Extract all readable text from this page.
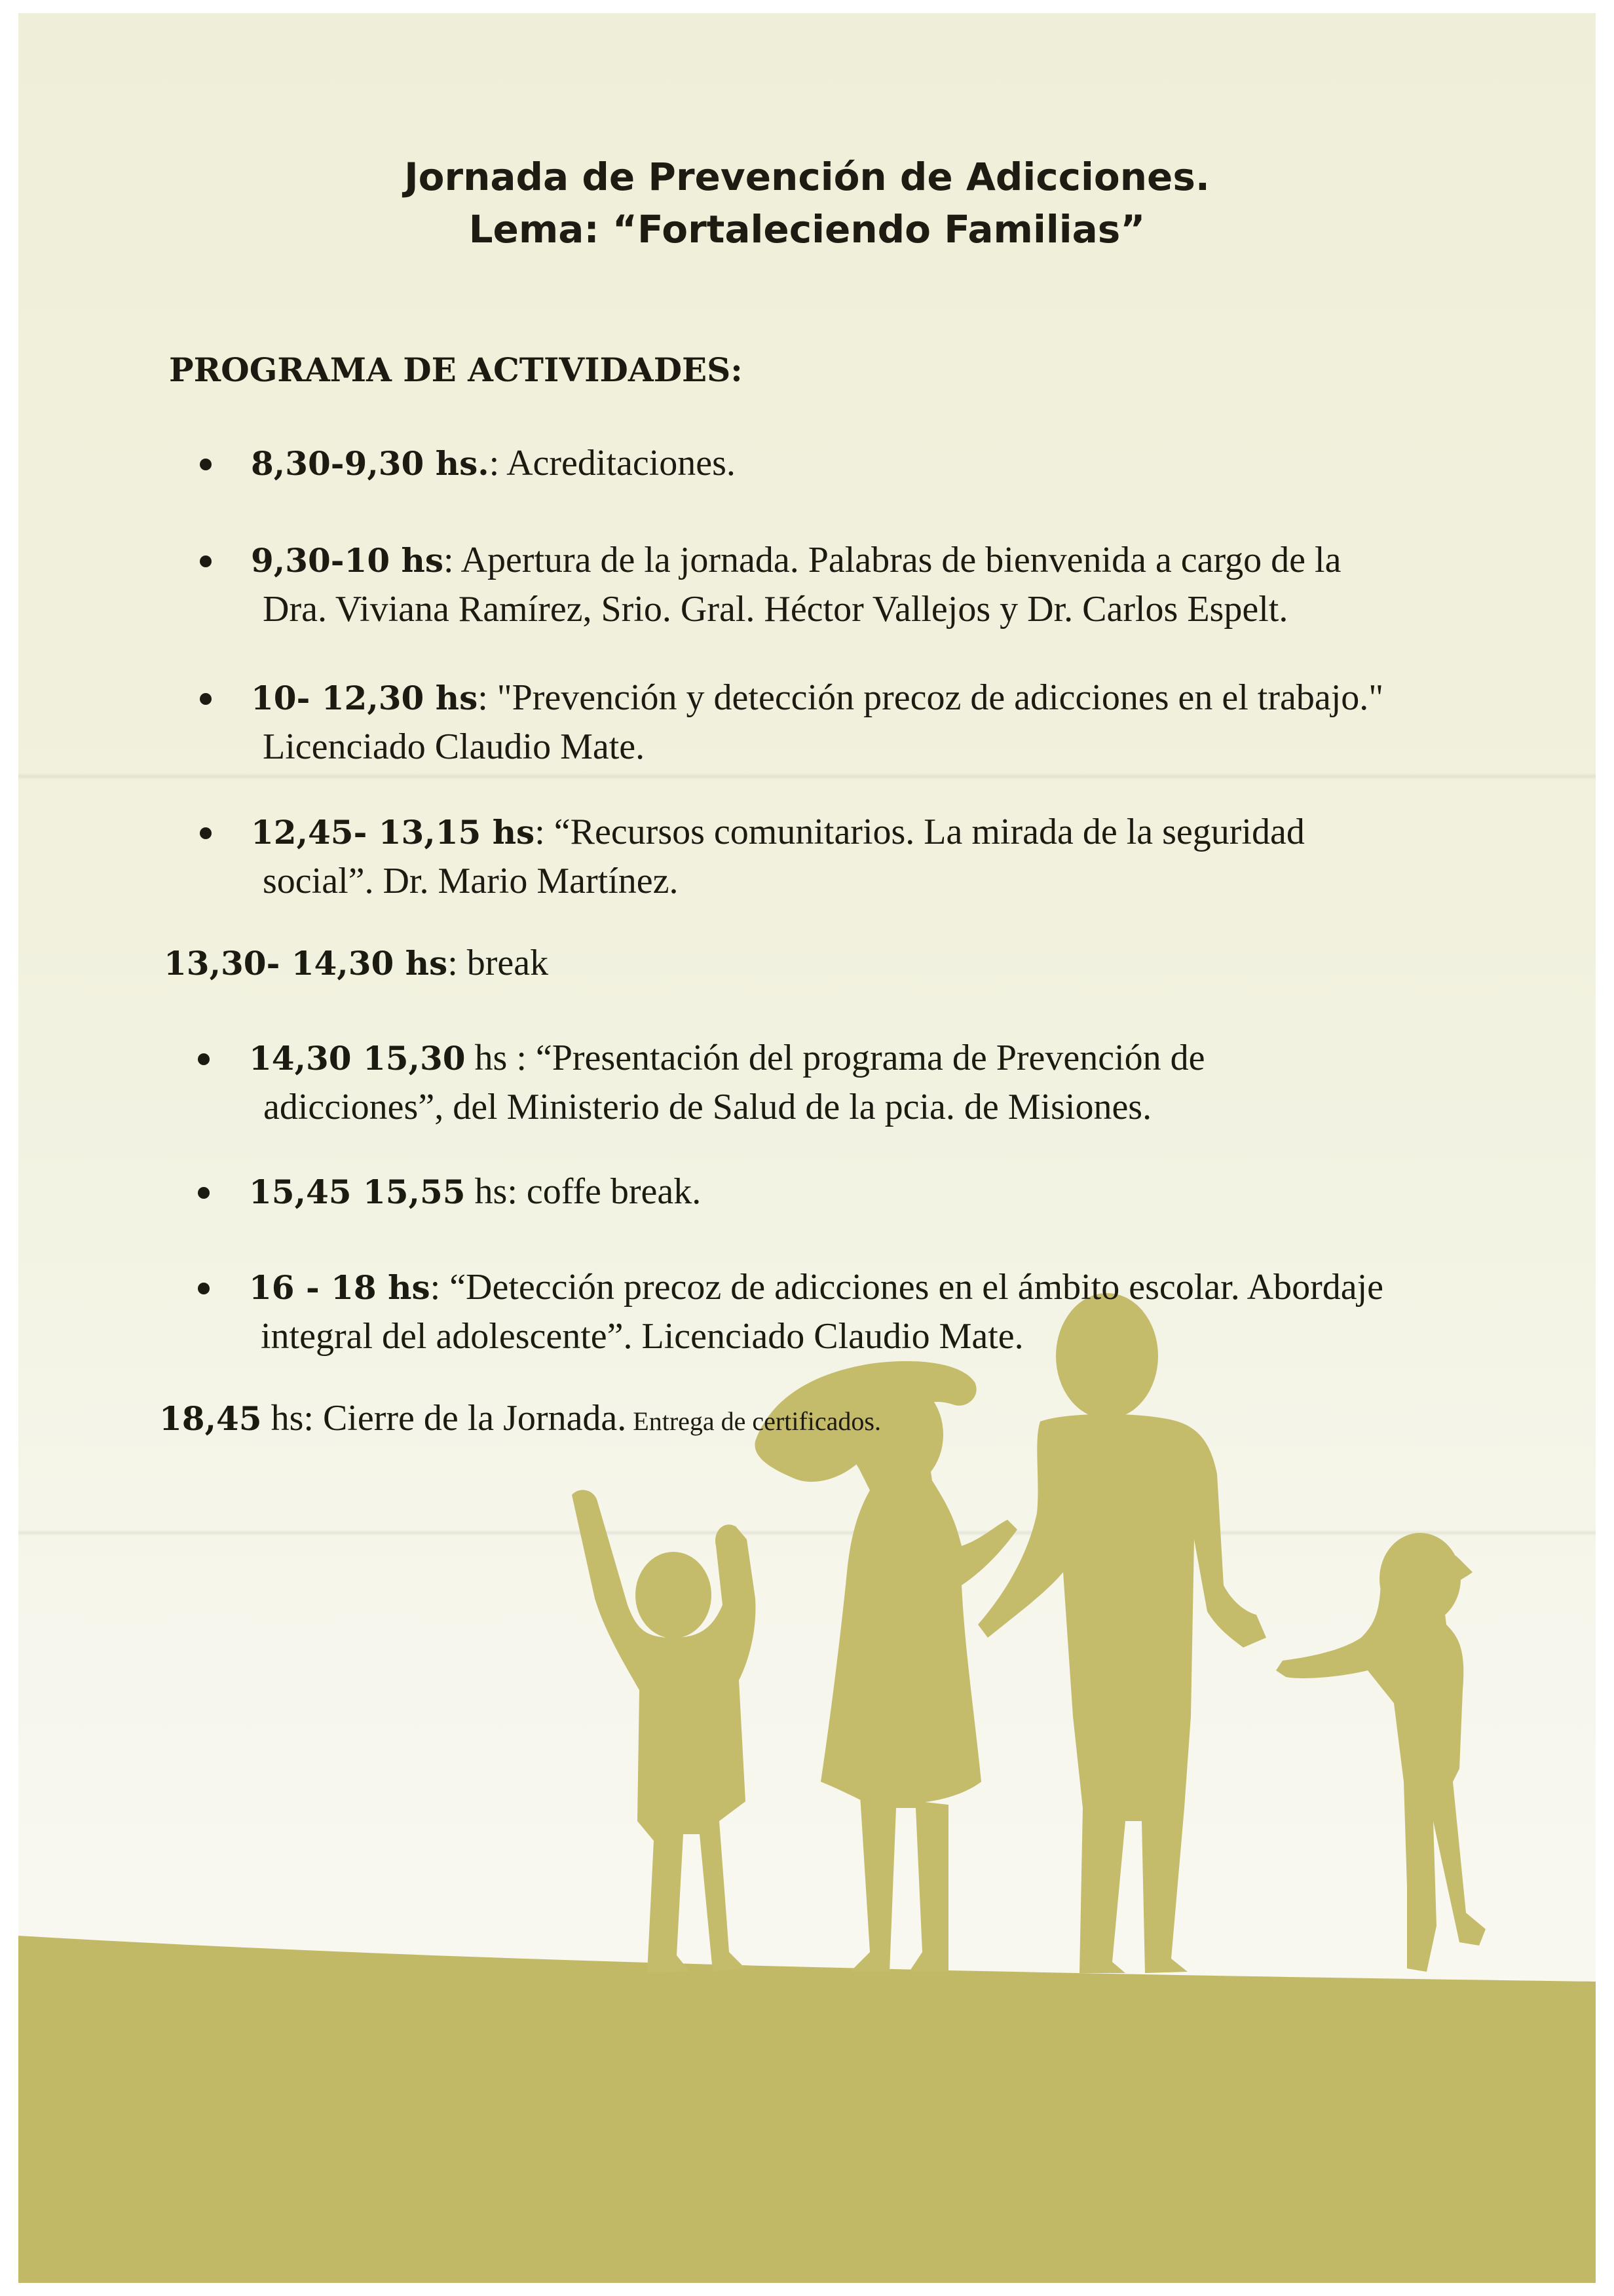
Jornada de Prevención de Adicciones.
Lema: “Fortaleciendo Familias”
PROGRAMA DE ACTIVIDADES:
8,30-9,30 hs.: Acreditaciones.
9,30-10 hs: Apertura de la jornada. Palabras de bienvenida a cargo de la
Dra. Viviana Ramírez, Srio. Gral. Héctor Vallejos y Dr. Carlos Espelt.
10- 12,30 hs: "Prevención y detección precoz de adicciones en el trabajo."
Licenciado Claudio Mate.
12,45- 13,15 hs: “Recursos comunitarios. La mirada de la seguridad
social”. Dr. Mario Martínez.
13,30- 14,30 hs: break
14,30 15,30 hs : “Presentación del programa de Prevención de
adicciones”, del Ministerio de Salud de la pcia. de Misiones.
15,45 15,55 hs: coffe break.
16 - 18 hs: “Detección precoz de adicciones en el ámbito escolar. Abordaje
integral del adolescente”. Licenciado Claudio Mate.
18,45 hs: Cierre de la Jornada. Entrega de certificados.
